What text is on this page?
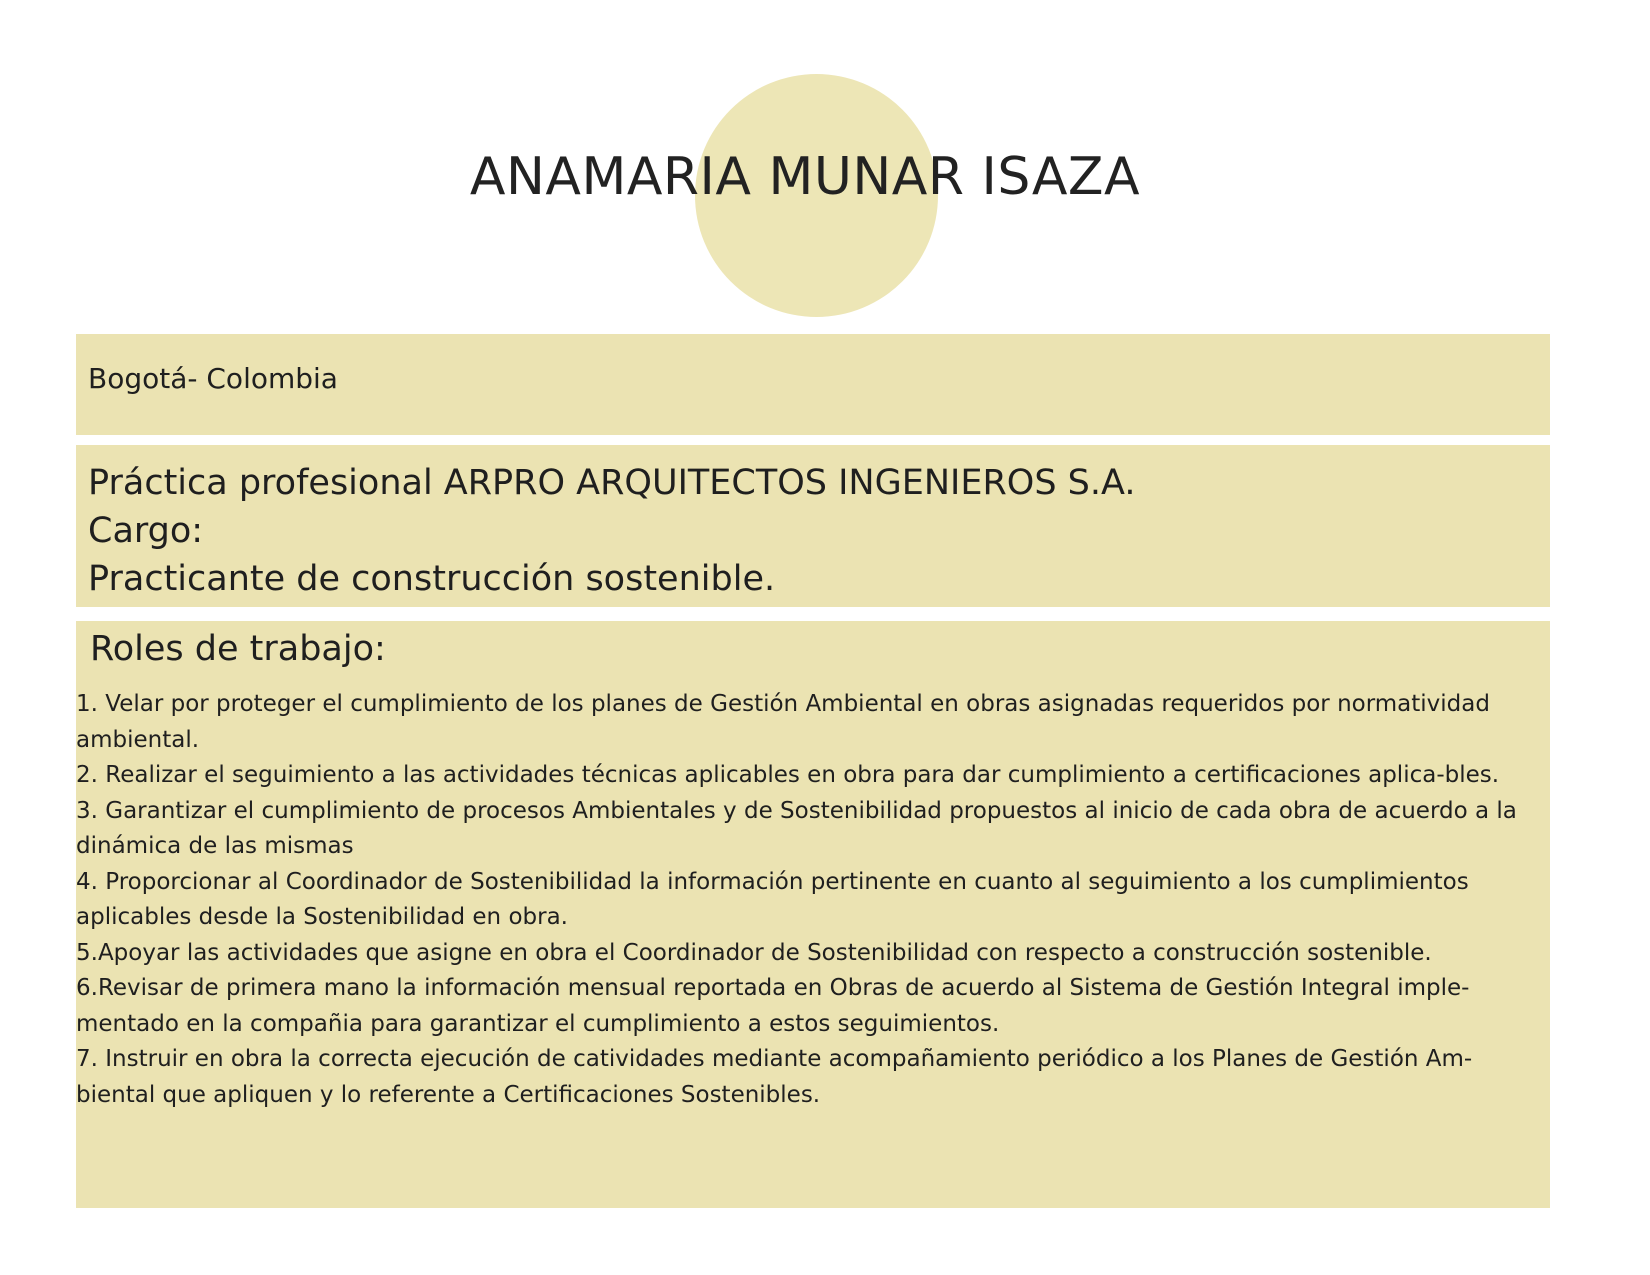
ANAMARIA MUNAR ISAZA
Bogotá- Colombia
Práctica profesional ARPRO ARQUITECTOS INGENIEROS S.A.
Cargo:
Practicante de construcción sostenible.
Roles de trabajo:
1. Velar por proteger el cumplimiento de los planes de Gestión Ambiental en obras asignadas requeridos por normatividad ambiental.
2. Realizar el seguimiento a las actividades técnicas aplicables en obra para dar cumplimiento a certificaciones aplica-bles.
3. Garantizar el cumplimiento de procesos Ambientales y de Sostenibilidad propuestos al inicio de cada obra de acuerdo a la dinámica de las mismas
4. Proporcionar al Coordinador de Sostenibilidad la información pertinente en cuanto al seguimiento a los cumplimientos aplicables desde la Sostenibilidad en obra.
5.Apoyar las actividades que asigne en obra el Coordinador de Sostenibilidad con respecto a construcción sostenible.
6.Revisar de primera mano la información mensual reportada en Obras de acuerdo al Sistema de Gestión Integral imple-mentado en la compañia para garantizar el cumplimiento a estos seguimientos.
7. Instruir en obra la correcta ejecución de catividades mediante acompañamiento periódico a los Planes de Gestión Am-biental que apliquen y lo referente a Certificaciones Sostenibles.
